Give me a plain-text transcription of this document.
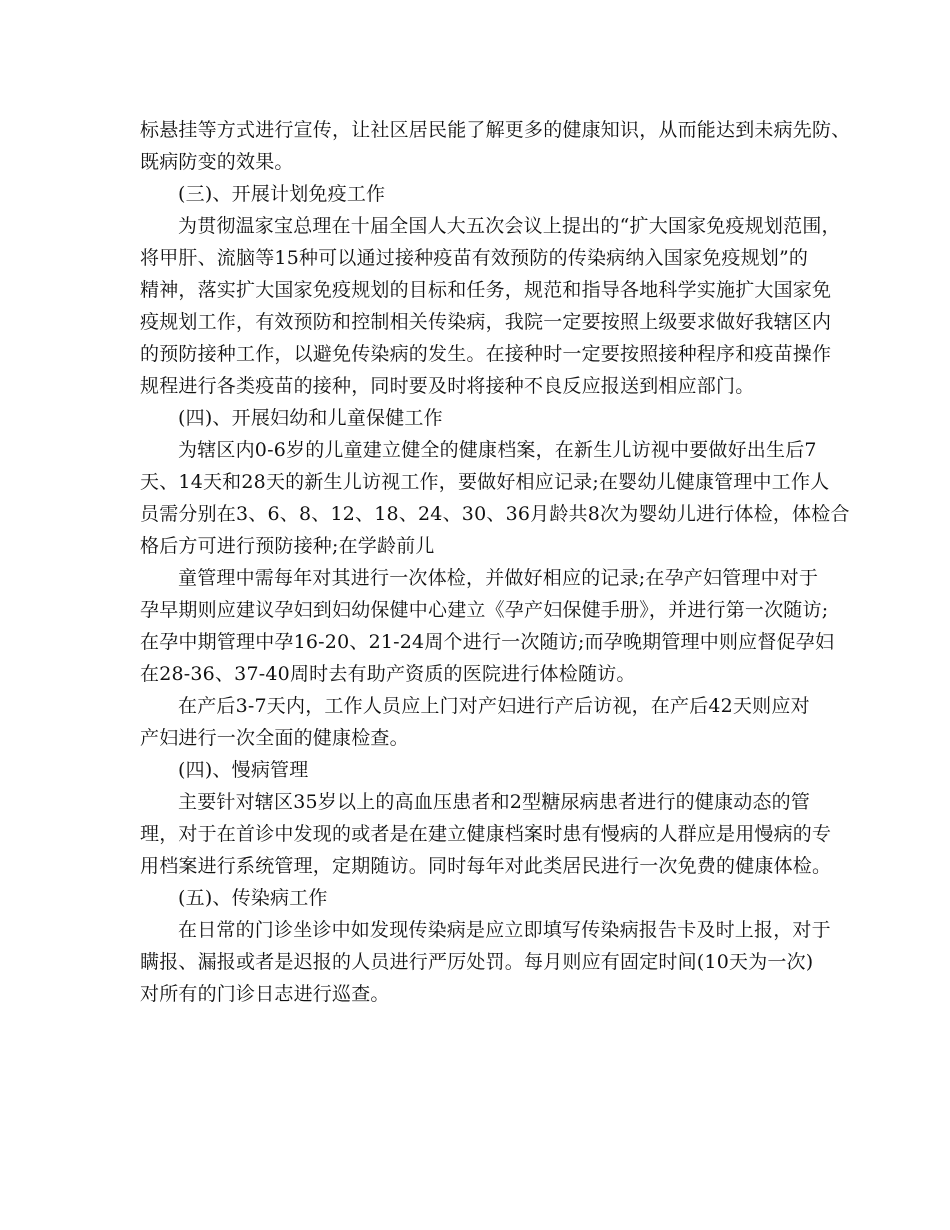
标悬挂等方式进行宣传，让社区居民能了解更多的健康知识，从而能达到未病先防、
既病防变的效果。
(三)、开展计划免疫工作
为贯彻温家宝总理在十届全国人大五次会议上提出的“扩大国家免疫规划范围，
将甲肝、流脑等15种可以通过接种疫苗有效预防的传染病纳入国家免疫规划”的
精神，落实扩大国家免疫规划的目标和任务，规范和指导各地科学实施扩大国家免
疫规划工作，有效预防和控制相关传染病，我院一定要按照上级要求做好我辖区内
的预防接种工作，以避免传染病的发生。在接种时一定要按照接种程序和疫苗操作
规程进行各类疫苗的接种，同时要及时将接种不良反应报送到相应部门。
(四)、开展妇幼和儿童保健工作
为辖区内0-6岁的儿童建立健全的健康档案，在新生儿访视中要做好出生后7
天、14天和28天的新生儿访视工作，要做好相应记录;在婴幼儿健康管理中工作人
员需分别在3、6、8、12、18、24、30、36月龄共8次为婴幼儿进行体检，体检合
格后方可进行预防接种;在学龄前儿
童管理中需每年对其进行一次体检，并做好相应的记录;在孕产妇管理中对于
孕早期则应建议孕妇到妇幼保健中心建立《孕产妇保健手册》，并进行第一次随访;
在孕中期管理中孕16-20、21-24周个进行一次随访;而孕晚期管理中则应督促孕妇
在28-36、37-40周时去有助产资质的医院进行体检随访。
在产后3-7天内，工作人员应上门对产妇进行产后访视，在产后42天则应对
产妇进行一次全面的健康检查。
(四)、慢病管理
主要针对辖区35岁以上的高血压患者和2型糖尿病患者进行的健康动态的管
理，对于在首诊中发现的或者是在建立健康档案时患有慢病的人群应是用慢病的专
用档案进行系统管理，定期随访。同时每年对此类居民进行一次免费的健康体检。
(五)、传染病工作
在日常的门诊坐诊中如发现传染病是应立即填写传染病报告卡及时上报，对于
瞒报、漏报或者是迟报的人员进行严厉处罚。每月则应有固定时间(10天为一次)
对所有的门诊日志进行巡查。
